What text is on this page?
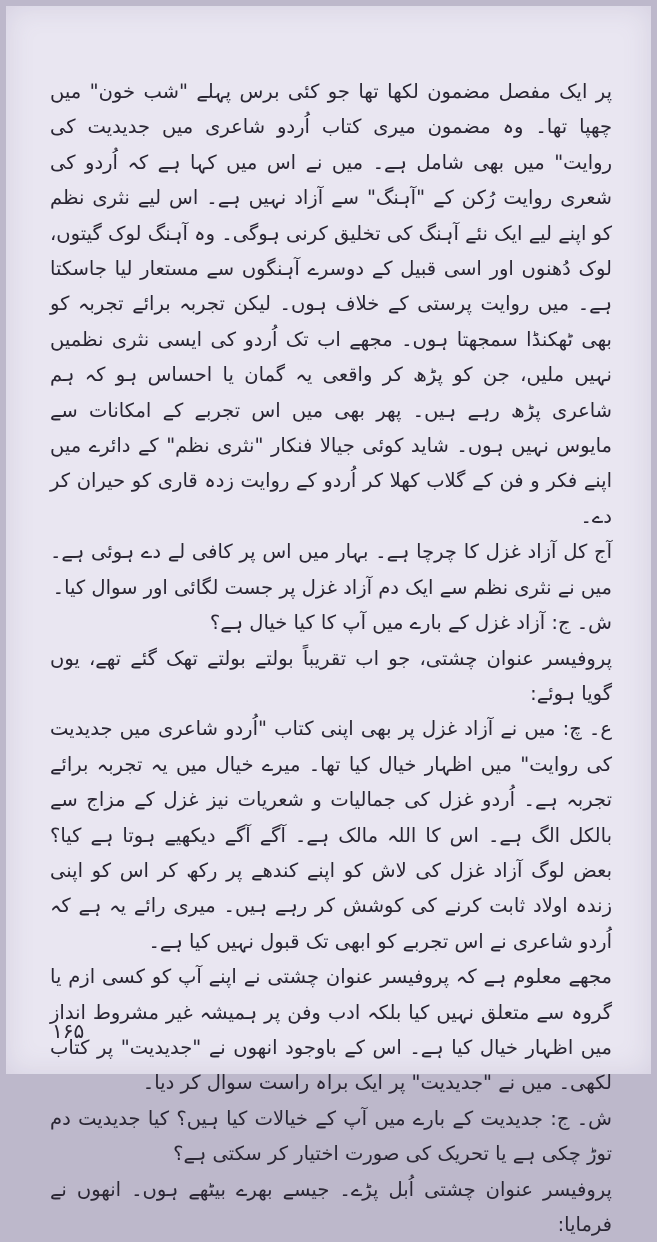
پر ایک مفصل مضمون لکھا تھا جو کئی برس پہلے "شب خون" میں چھپا تھا۔ وہ مضمون میری کتاب اُردو شاعری میں جدیدیت کی روایت" میں بھی شامل ہے۔ میں نے اس میں کہا ہے کہ اُردو کی شعری روایت رُکن کے "آہنگ" سے آزاد نہیں ہے۔ اس لیے نثری نظم کو اپنے لیے ایک نئے آہنگ کی تخلیق کرنی ہوگی۔ وہ آہنگ لوک گیتوں، لوک دُھنوں اور اسی قبیل کے دوسرے آہنگوں سے مستعار لیا جاسکتا ہے۔ میں روایت پرستی کے خلاف ہوں۔ لیکن تجربہ برائے تجربہ کو بھی ٹھکنڈا سمجھتا ہوں۔ مجھے اب تک اُردو کی ایسی نثری نظمیں نہیں ملیں، جن کو پڑھ کر واقعی یہ گمان یا احساس ہو کہ ہم شاعری پڑھ رہے ہیں۔ پھر بھی میں اس تجربے کے امکانات سے مایوس نہیں ہوں۔ شاید کوئی جیالا فنکار "نثری نظم" کے دائرے میں اپنے فکر و فن کے گلاب کھلا کر اُردو کے روایت زدہ قاری کو حیران کر دے۔

آج کل آزاد غزل کا چرچا ہے۔ بہار میں اس پر کافی لے دے ہوئی ہے۔ میں نے نثری نظم سے ایک دم آزاد غزل پر جست لگائی اور سوال کیا۔

ش۔ ج: آزاد غزل کے بارے میں آپ کا کیا خیال ہے؟

پروفیسر عنوان چشتی، جو اب تقریباً بولتے بولتے تھک گئے تھے، یوں گویا ہوئے:

ع۔ چ: میں نے آزاد غزل پر بھی اپنی کتاب "اُردو شاعری میں جدیدیت کی روایت" میں اظہار خیال کیا تھا۔ میرے خیال میں یہ تجربہ برائے تجربہ ہے۔ اُردو غزل کی جمالیات و شعریات نیز غزل کے مزاج سے بالکل الگ ہے۔ اس کا اللہ مالک ہے۔ آگے آگے دیکھیے ہوتا ہے کیا؟ بعض لوگ آزاد غزل کی لاش کو اپنے کندھے پر رکھ کر اس کو اپنی زندہ اولاد ثابت کرنے کی کوشش کر رہے ہیں۔ میری رائے یہ ہے کہ اُردو شاعری نے اس تجربے کو ابھی تک قبول نہیں کیا ہے۔

مجھے معلوم ہے کہ پروفیسر عنوان چشتی نے اپنے آپ کو کسی ازم یا گروہ سے متعلق نہیں کیا بلکہ ادب وفن پر ہمیشہ غیر مشروط انداز میں اظہار خیال کیا ہے۔ اس کے باوجود انھوں نے "جدیدیت" پر کتاب لکھی۔ میں نے "جدیدیت" پر ایک براہ راست سوال کر دیا۔

ش۔ ج: جدیدیت کے بارے میں آپ کے خیالات کیا ہیں؟ کیا جدیدیت دم توڑ چکی ہے یا تحریک کی صورت اختیار کر سکتی ہے؟

پروفیسر عنوان چشتی اُبل پڑے۔ جیسے بھرے بیٹھے ہوں۔ انھوں نے فرمایا:

۱۶۵
